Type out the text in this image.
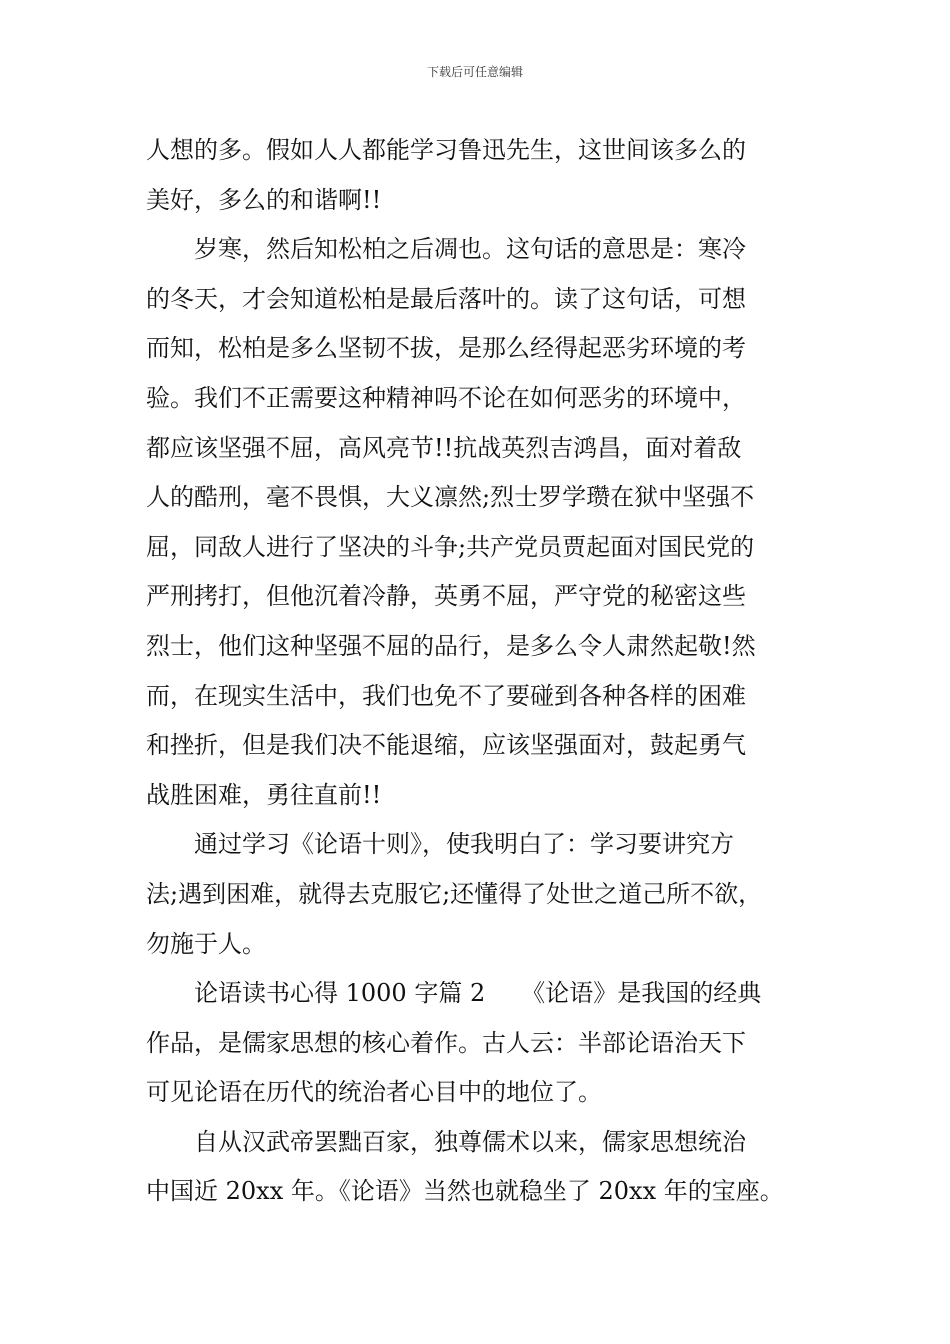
下载后可任意编辑
人想的多。假如人人都能学习鲁迅先生，这世间该多么的
美好，多么的和谐啊!!
　　岁寒，然后知松柏之后凋也。这句话的意思是：寒冷
的冬天，才会知道松柏是最后落叶的。读了这句话，可想
而知，松柏是多么坚韧不拔，是那么经得起恶劣环境的考
验。我们不正需要这种精神吗不论在如何恶劣的环境中，
都应该坚强不屈，高风亮节!!抗战英烈吉鸿昌，面对着敌
人的酷刑，毫不畏惧，大义凛然;烈士罗学瓒在狱中坚强不
屈，同敌人进行了坚决的斗争;共产党员贾起面对国民党的
严刑拷打，但他沉着冷静，英勇不屈，严守党的秘密这些
烈士，他们这种坚强不屈的品行，是多么令人肃然起敬!然
而，在现实生活中，我们也免不了要碰到各种各样的困难
和挫折，但是我们决不能退缩，应该坚强面对，鼓起勇气
战胜困难，勇往直前!!
　　通过学习《论语十则》，使我明白了：学习要讲究方
法;遇到困难，就得去克服它;还懂得了处世之道己所不欲，
勿施于人。
　　论语读书心得 1000 字篇 2　　《论语》是我国的经典
作品，是儒家思想的核心着作。古人云：半部论语治天下
可见论语在历代的统治者心目中的地位了。
　　自从汉武帝罢黜百家，独尊儒术以来，儒家思想统治
中国近 20xx 年。《论语》当然也就稳坐了 20xx 年的宝座。
